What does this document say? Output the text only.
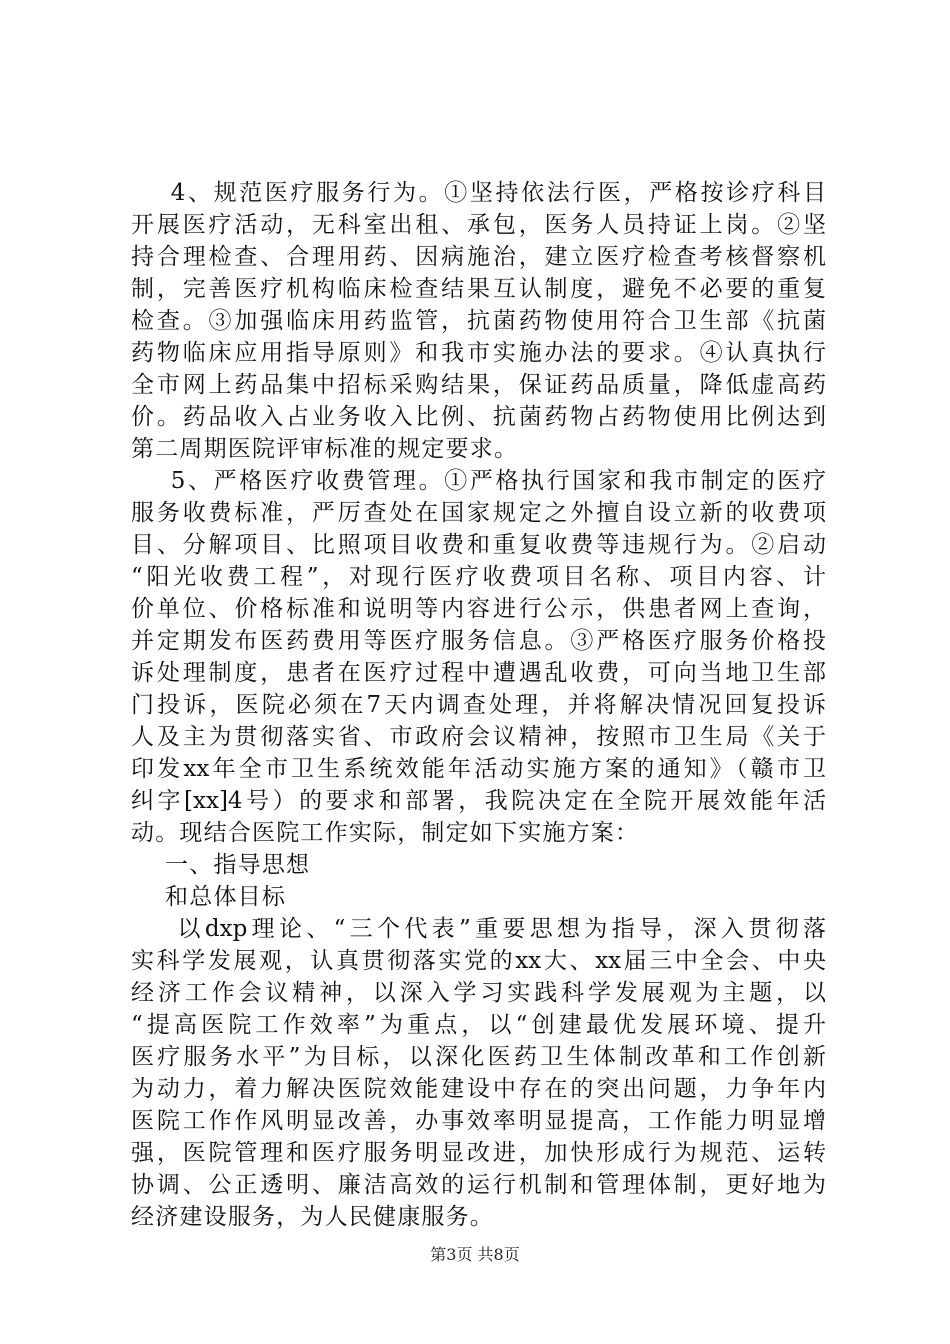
4、规范医疗服务行为。①坚持依法行医，严格按诊疗科目
开展医疗活动，无科室出租、承包，医务人员持证上岗。②坚
持合理检查、合理用药、因病施治，建立医疗检查考核督察机
制，完善医疗机构临床检查结果互认制度，避免不必要的重复
检查。③加强临床用药监管，抗菌药物使用符合卫生部《抗菌
药物临床应用指导原则》和我市实施办法的要求。④认真执行
全市网上药品集中招标采购结果，保证药品质量，降低虚高药
价。药品收入占业务收入比例、抗菌药物占药物使用比例达到
第二周期医院评审标准的规定要求。
5、严格医疗收费管理。①严格执行国家和我市制定的医疗
服务收费标准，严厉查处在国家规定之外擅自设立新的收费项
目、分解项目、比照项目收费和重复收费等违规行为。②启动
“阳光收费工程”，对现行医疗收费项目名称、项目内容、计
价单位、价格标准和说明等内容进行公示，供患者网上查询，
并定期发布医药费用等医疗服务信息。③严格医疗服务价格投
诉处理制度，患者在医疗过程中遭遇乱收费，可向当地卫生部
门投诉，医院必须在7天内调查处理，并将解决情况回复投诉
人及主为贯彻落实省、市政府会议精神，按照市卫生局《关于
印发xx年全市卫生系统效能年活动实施方案的通知》（赣市卫
纠字[xx]4号）的要求和部署，我院决定在全院开展效能年活
动。现结合医院工作实际，制定如下实施方案：
一、指导思想
和总体目标
以dxp理论、“三个代表”重要思想为指导，深入贯彻落
实科学发展观，认真贯彻落实党的xx大、xx届三中全会、中央
经济工作会议精神，以深入学习实践科学发展观为主题，以
“提高医院工作效率”为重点，以“创建最优发展环境、提升
医疗服务水平”为目标，以深化医药卫生体制改革和工作创新
为动力，着力解决医院效能建设中存在的突出问题，力争年内
医院工作作风明显改善，办事效率明显提高，工作能力明显增
强，医院管理和医疗服务明显改进，加快形成行为规范、运转
协调、公正透明、廉洁高效的运行机制和管理体制，更好地为
经济建设服务，为人民健康服务。
第3页 共8页
